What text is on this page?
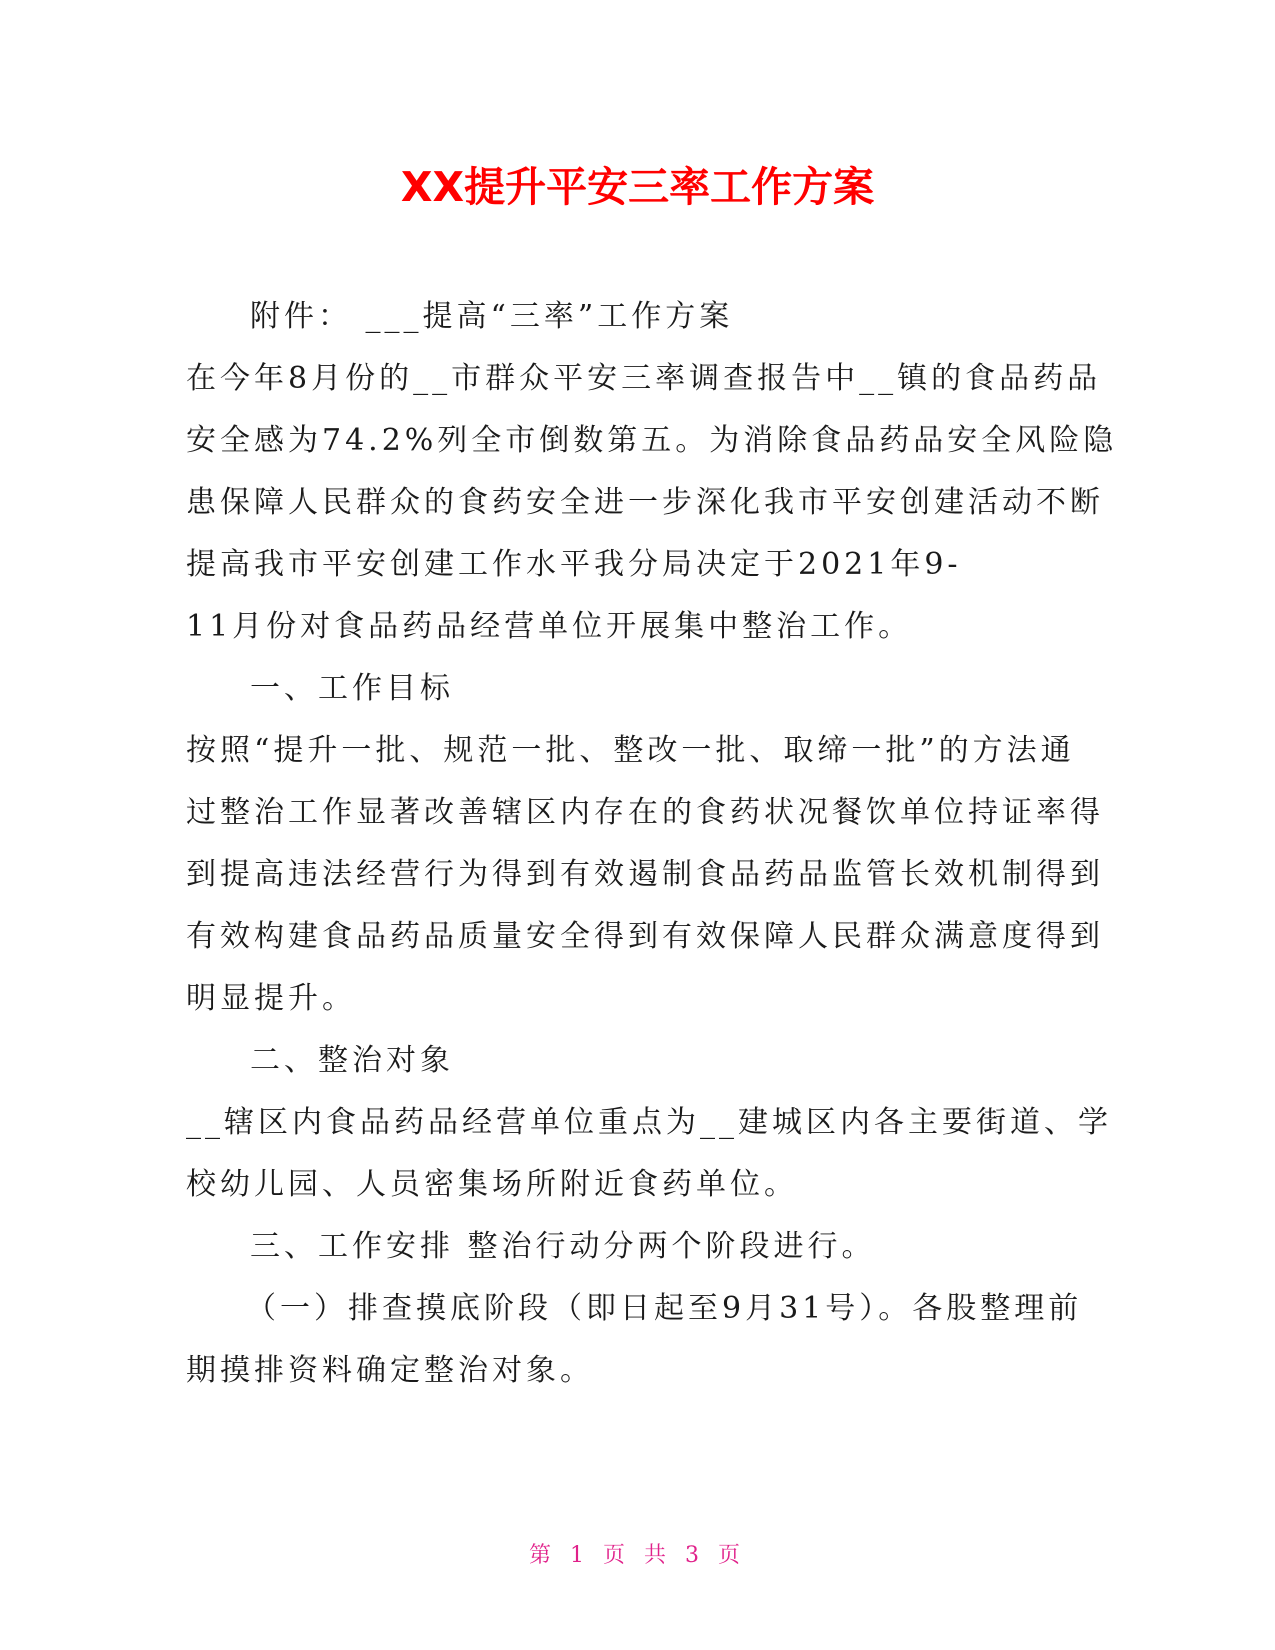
XX提升平安三率工作方案
附件： ___提高“三率”工作方案
在今年8月份的__市群众平安三率调查报告中__镇的食品药品
安全感为74.2%列全市倒数第五。为消除食品药品安全风险隐
患保障人民群众的食药安全进一步深化我市平安创建活动不断
提高我市平安创建工作水平我分局决定于2021年9-
11月份对食品药品经营单位开展集中整治工作。
一、工作目标
按照“提升一批、规范一批、整改一批、取缔一批”的方法通
过整治工作显著改善辖区内存在的食药状况餐饮单位持证率得
到提高违法经营行为得到有效遏制食品药品监管长效机制得到
有效构建食品药品质量安全得到有效保障人民群众满意度得到
明显提升。
二、整治对象
__辖区内食品药品经营单位重点为__建城区内各主要街道、学
校幼儿园、人员密集场所附近食药单位。
三、工作安排 整治行动分两个阶段进行。
（一）排查摸底阶段（即日起至9月31号）。各股整理前
期摸排资料确定整治对象。
第 1 页 共 3 页
